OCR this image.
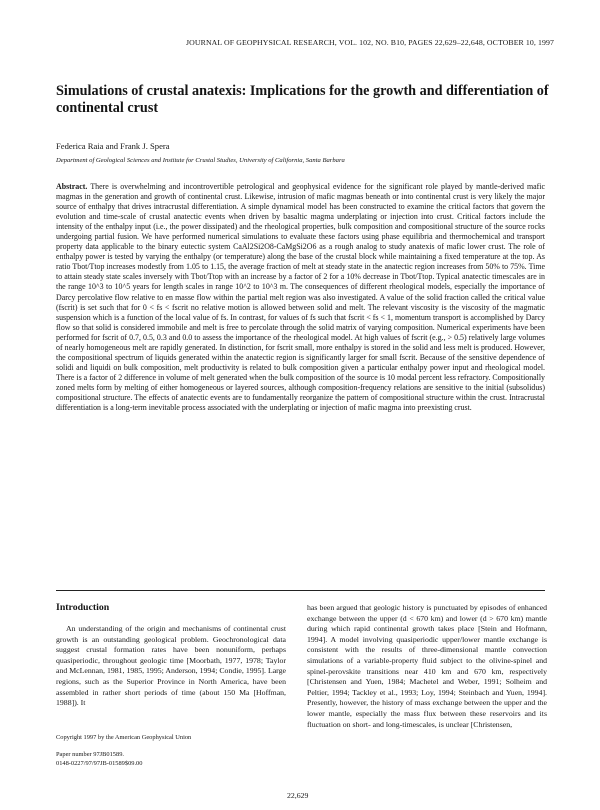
JOURNAL OF GEOPHYSICAL RESEARCH, VOL. 102, NO. B10, PAGES 22,629–22,648, OCTOBER 10, 1997
Simulations of crustal anatexis: Implications for the growth and differentiation of continental crust
Federica Raia and Frank J. Spera
Department of Geological Sciences and Institute for Crustal Studies, University of California, Santa Barbara

Abstract. There is overwhelming and incontrovertible petrological and geophysical evidence for the significant role played by mantle-derived mafic magmas in the generation and growth of continental crust. Likewise, intrusion of mafic magmas beneath or into continental crust is very likely the major source of enthalpy that drives intracrustal differentiation. A simple dynamical model has been constructed to examine the critical factors that govern the evolution and time-scale of crustal anatectic events when driven by basaltic magma underplating or injection into crust. Critical factors include the intensity of the enthalpy input (i.e., the power dissipated) and the rheological properties, bulk composition and compositional structure of the source rocks undergoing partial fusion. We have performed numerical simulations to evaluate these factors using phase equilibria and thermochemical and transport property data applicable to the binary eutectic system CaAl2Si2O8-CaMgSi2O6 as a rough analog to study anatexis of mafic lower crust. The role of enthalpy power is tested by varying the enthalpy (or temperature) along the base of the crustal block while maintaining a fixed temperature at the top. As ratio Tbot/Ttop increases modestly from 1.05 to 1.15, the average fraction of melt at steady state in the anatectic region increases from 50% to 75%. Time to attain steady state scales inversely with Tbot/Ttop with an increase by a factor of 2 for a 10% decrease in Tbot/Ttop. Typical anatectic timescales are in the range 10^3 to 10^5 years for length scales in range 10^2 to 10^3 m. The consequences of different rheological models, especially the importance of Darcy percolative flow relative to en masse flow within the partial melt region was also investigated. A value of the solid fraction called the critical value (fscrit) is set such that for 0 < fs < fscrit no relative motion is allowed between solid and melt. The relevant viscosity is the viscosity of the magmatic suspension which is a function of the local value of fs. In contrast, for values of fs such that fscrit < fs < 1, momentum transport is accomplished by Darcy flow so that solid is considered immobile and melt is free to percolate through the solid matrix of varying composition. Numerical experiments have been performed for fscrit of 0.7, 0.5, 0.3 and 0.0 to assess the importance of the rheological model. At high values of fscrit (e.g., > 0.5) relatively large volumes of nearly homogeneous melt are rapidly generated. In distinction, for fscrit small, more enthalpy is stored in the solid and less melt is produced. However, the compositional spectrum of liquids generated within the anatectic region is significantly larger for small fscrit. Because of the sensitive dependence of solidi and liquidi on bulk composition, melt productivity is related to bulk composition given a particular enthalpy power input and rheological model. There is a factor of 2 difference in volume of melt generated when the bulk composition of the source is 10 modal percent less refractory. Compositionally zoned melts form by melting of either homogeneous or layered sources, although composition-frequency relations are sensitive to the initial (subsolidus) compositional structure. The effects of anatectic events are to fundamentally reorganize the pattern of compositional structure within the crust. Intracrustal differentiation is a long-term inevitable process associated with the underplating or injection of mafic magma into preexisting crust.

Introduction

An understanding of the origin and mechanisms of continental crust growth is an outstanding geological problem. Geochronological data suggest crustal formation rates have been nonuniform, perhaps quasiperiodic, throughout geologic time [Moorbath, 1977, 1978; Taylor and McLennan, 1981, 1985, 1995; Anderson, 1994; Condie, 1995]. Large regions, such as the Superior Province in North America, have been assembled in rather short periods of time (about 150 Ma [Hoffman, 1988]). It

has been argued that geologic history is punctuated by episodes of enhanced exchange between the upper (d < 670 km) and lower (d > 670 km) mantle during which rapid continental growth takes place [Stein and Hofmann, 1994]. A model involving quasiperiodic upper/lower mantle exchange is consistent with the results of three-dimensional mantle convection simulations of a variable-property fluid subject to the olivine-spinel and spinel-perovskite transitions near 410 km and 670 km, respectively [Christensen and Yuen, 1984; Machetel and Weber, 1991; Solheim and Peltier, 1994; Tackley et al., 1993; Loy, 1994; Steinbach and Yuen, 1994]. Presently, however, the history of mass exchange between the upper and the lower mantle, especially the mass flux between these reservoirs and its fluctuation on short- and long-timescales, is unclear [Christensen,

Copyright 1997 by the American Geophysical Union
Paper number 97JB01589.
0148-0227/97/97JB-01589$09.00
22,629
